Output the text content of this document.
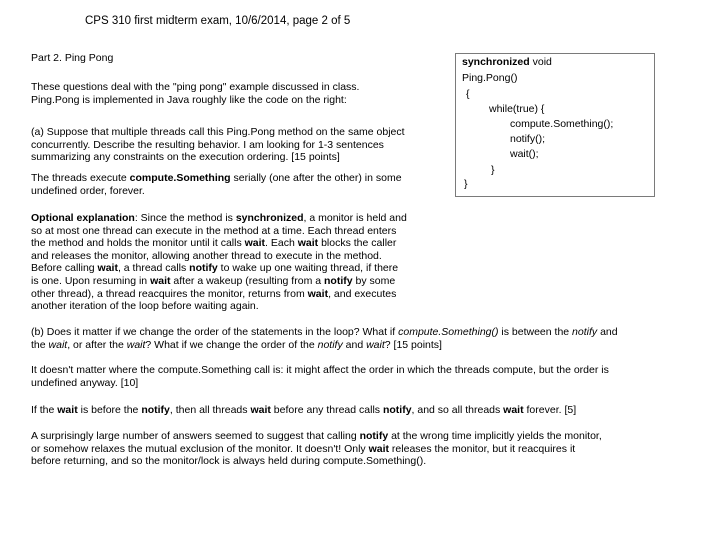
CPS 310 first midterm exam, 10/6/2014, page 2 of 5
Part 2. Ping Pong
These questions deal with the "ping pong" example discussed in class.
Ping.Pong is implemented in Java roughly like the code on the right:
synchronized void
Ping.Pong()
{
while(true) {
compute.Something();
notify();
wait();
}
}
(a) Suppose that multiple threads call this Ping.Pong method on the same object
concurrently. Describe the resulting behavior. I am looking for 1-3 sentences
summarizing any constraints on the execution ordering. [15 points]
The threads execute compute.Something serially (one after the other) in some
undefined order, forever.
Optional explanation: Since the method is synchronized, a monitor is held and
so at most one thread can execute in the method at a time. Each thread enters
the method and holds the monitor until it calls wait. Each wait blocks the caller
and releases the monitor, allowing another thread to execute in the method.
Before calling wait, a thread calls notify to wake up one waiting thread, if there
is one. Upon resuming in wait after a wakeup (resulting from a notify by some
other thread), a thread reacquires the monitor, returns from wait, and executes
another iteration of the loop before waiting again.
(b) Does it matter if we change the order of the statements in the loop? What if compute.Something() is between the notify and
the wait, or after the wait? What if we change the order of the notify and wait? [15 points]
It doesn't matter where the compute.Something call is: it might affect the order in which the threads compute, but the order is
undefined anyway. [10]
If the wait is before the notify, then all threads wait before any thread calls notify, and so all threads wait forever. [5]
A surprisingly large number of answers seemed to suggest that calling notify at the wrong time implicitly yields the monitor,
or somehow relaxes the mutual exclusion of the monitor. It doesn't! Only wait releases the monitor, but it reacquires it
before returning, and so the monitor/lock is always held during compute.Something().
